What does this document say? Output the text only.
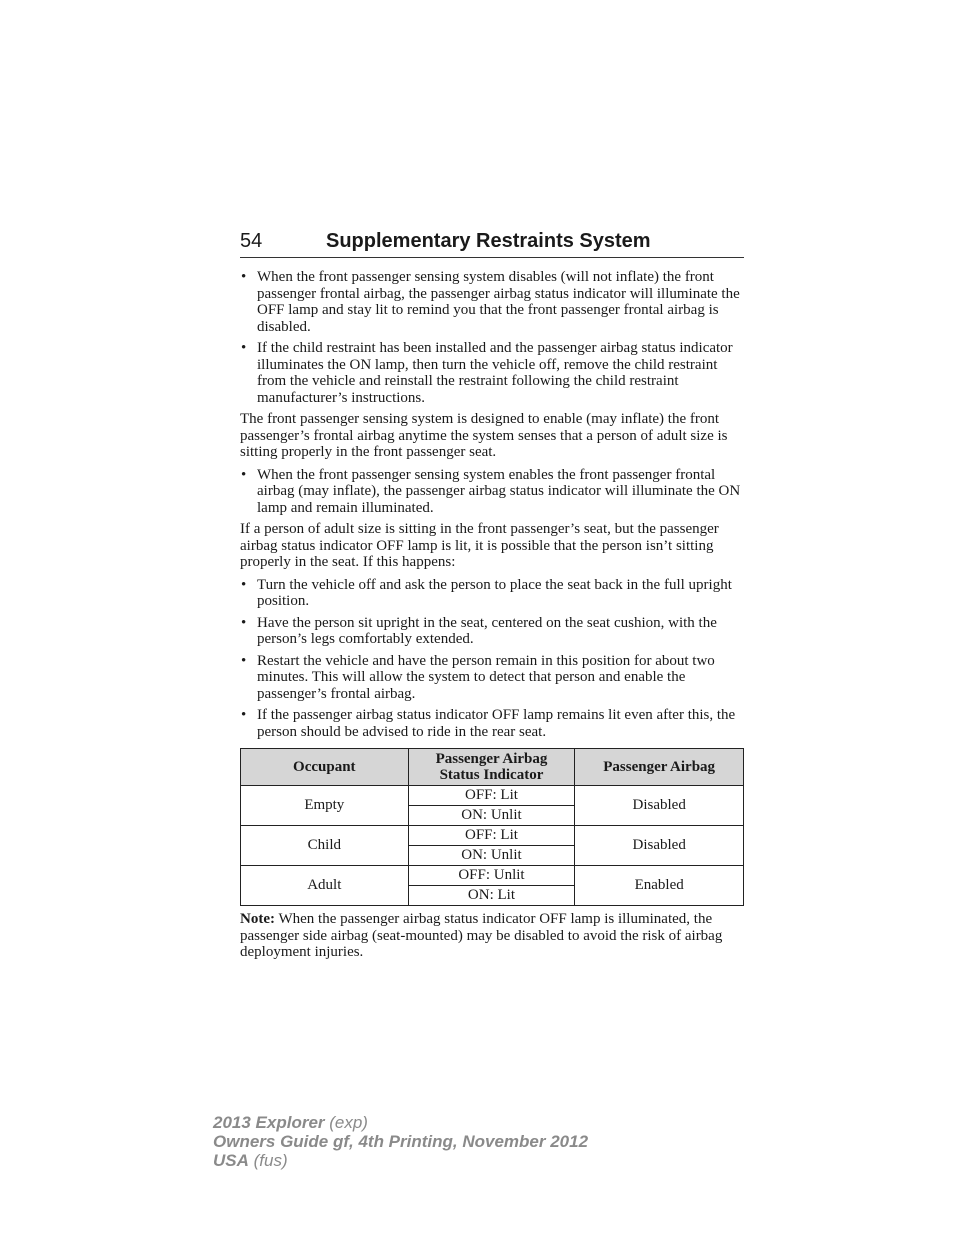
54	Supplementary Restraints System
• When the front passenger sensing system disables (will not inflate) the front passenger frontal airbag, the passenger airbag status indicator will illuminate the OFF lamp and stay lit to remind you that the front passenger frontal airbag is disabled.
• If the child restraint has been installed and the passenger airbag status indicator illuminates the ON lamp, then turn the vehicle off, remove the child restraint from the vehicle and reinstall the restraint following the child restraint manufacturer’s instructions.

The front passenger sensing system is designed to enable (may inflate) the front passenger’s frontal airbag anytime the system senses that a person of adult size is sitting properly in the front passenger seat.

• When the front passenger sensing system enables the front passenger frontal airbag (may inflate), the passenger airbag status indicator will illuminate the ON lamp and remain illuminated.

If a person of adult size is sitting in the front passenger’s seat, but the passenger airbag status indicator OFF lamp is lit, it is possible that the person isn’t sitting properly in the seat. If this happens:

• Turn the vehicle off and ask the person to place the seat back in the full upright position.
• Have the person sit upright in the seat, centered on the seat cushion, with the person’s legs comfortably extended.
• Restart the vehicle and have the person remain in this position for about two minutes. This will allow the system to detect that person and enable the passenger’s frontal airbag.
• If the passenger airbag status indicator OFF lamp remains lit even after this, the person should be advised to ride in the rear seat.
Occupant	Passenger Airbag Status Indicator	Passenger Airbag
Empty	OFF: Lit	Disabled
	ON: Unlit	
Child	OFF: Lit	Disabled
	ON: Unlit	
Adult	OFF: Unlit	Enabled
	ON: Lit	
Note: When the passenger airbag status indicator OFF lamp is illuminated, the passenger side airbag (seat-mounted) may be disabled to avoid the risk of airbag deployment injuries.
2013 Explorer (exp)
Owners Guide gf, 4th Printing, November 2012
USA (fus)
